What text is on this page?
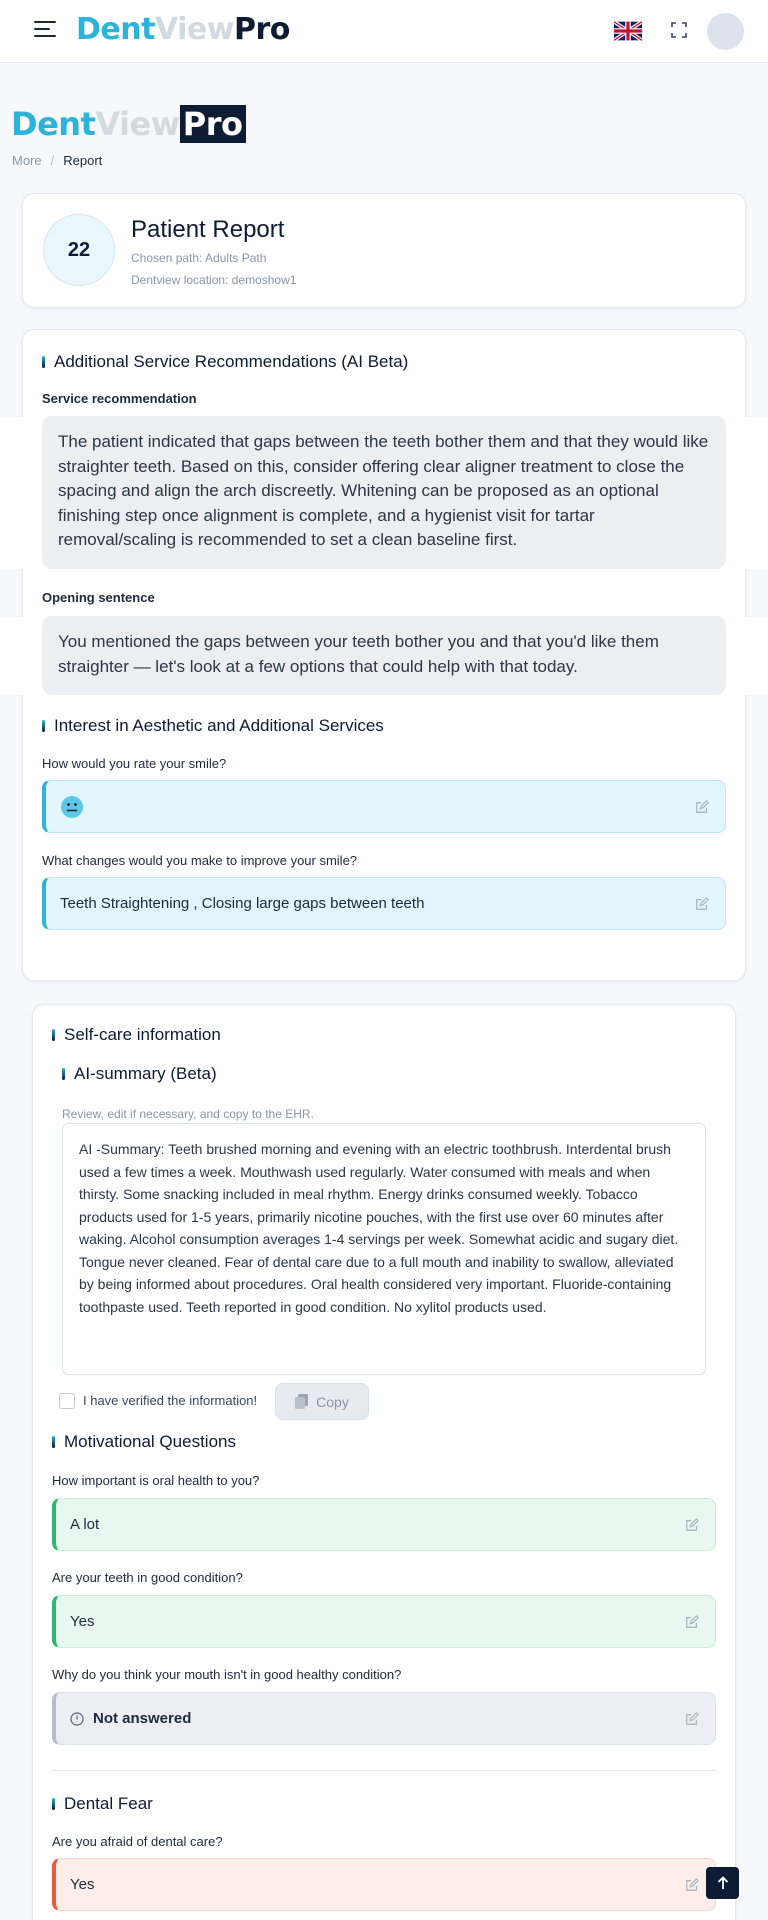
DentViewPro
DentViewPro
More / Report
22
Patient Report
Chosen path: Adults Path
Dentview location: demoshow1
Additional Service Recommendations (AI Beta)
Service recommendation
The patient indicated that gaps between the teeth bother them and that they would like straighter teeth. Based on this, consider offering clear aligner treatment to close the spacing and align the arch discreetly. Whitening can be proposed as an optional finishing step once alignment is complete, and a hygienist visit for tartar removal/scaling is recommended to set a clean baseline first.
Opening sentence
You mentioned the gaps between your teeth bother you and that you'd like them straighter — let's look at a few options that could help with that today.
Interest in Aesthetic and Additional Services
How would you rate your smile?
What changes would you make to improve your smile?
Teeth Straightening , Closing large gaps between teeth
Self-care information
AI-summary (Beta)
Review, edit if necessary, and copy to the EHR.
AI -Summary: Teeth brushed morning and evening with an electric toothbrush. Interdental brush used a few times a week. Mouthwash used regularly. Water consumed with meals and when thirsty. Some snacking included in meal rhythm. Energy drinks consumed weekly. Tobacco products used for 1-5 years, primarily nicotine pouches, with the first use over 60 minutes after waking. Alcohol consumption averages 1-4 servings per week. Somewhat acidic and sugary diet. Tongue never cleaned. Fear of dental care due to a full mouth and inability to swallow, alleviated by being informed about procedures. Oral health considered very important. Fluoride-containing toothpaste used. Teeth reported in good condition. No xylitol products used.
I have verified the information!	Copy
Motivational Questions
How important is oral health to you?
A lot
Are your teeth in good condition?
Yes
Why do you think your mouth isn't in good healthy condition?
Not answered
Dental Fear
Are you afraid of dental care?
Yes
